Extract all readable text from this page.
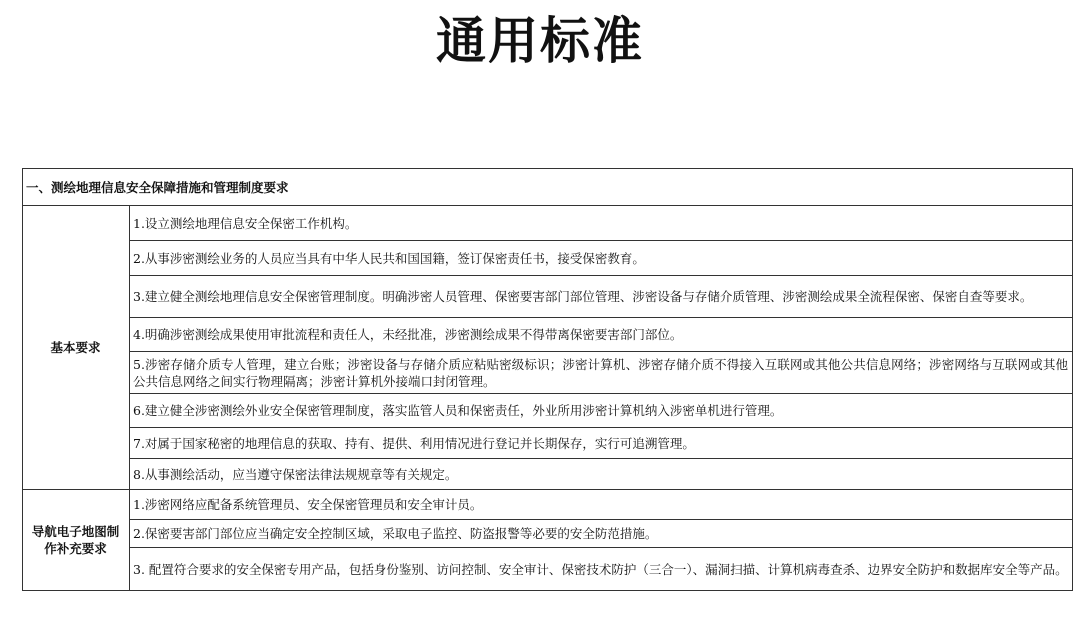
通用标准
一、测绘地理信息安全保障措施和管理制度要求	
基本要求	1.设立测绘地理信息安全保密工作机构。
	2.从事涉密测绘业务的人员应当具有中华人民共和国国籍，签订保密责任书，接受保密教育。
	3.建立健全测绘地理信息安全保密管理制度。明确涉密人员管理、保密要害部门部位管理、涉密设备与存储介质管理、涉密测绘成果全流程保密、保密自查等要求。
	4.明确涉密测绘成果使用审批流程和责任人，未经批准，涉密测绘成果不得带离保密要害部门部位。
	5.涉密存储介质专人管理，建立台账；涉密设备与存储介质应粘贴密级标识；涉密计算机、涉密存储介质不得接入互联网或其他公共信息网络；涉密网络与互联网或其他公共信息网络之间实行物理隔离；涉密计算机外接端口封闭管理。
	6.建立健全涉密测绘外业安全保密管理制度，落实监管人员和保密责任，外业所用涉密计算机纳入涉密单机进行管理。
	7.对属于国家秘密的地理信息的获取、持有、提供、利用情况进行登记并长期保存，实行可追溯管理。
	8.从事测绘活动，应当遵守保密法律法规规章等有关规定。
导航电子地图制作补充要求	1.涉密网络应配备系统管理员、安全保密管理员和安全审计员。
	2.保密要害部门部位应当确定安全控制区域，采取电子监控、防盗报警等必要的安全防范措施。
	3. 配置符合要求的安全保密专用产品，包括身份鉴别、访问控制、安全审计、保密技术防护（三合一）、漏洞扫描、计算机病毒查杀、边界安全防护和数据库安全等产品。
